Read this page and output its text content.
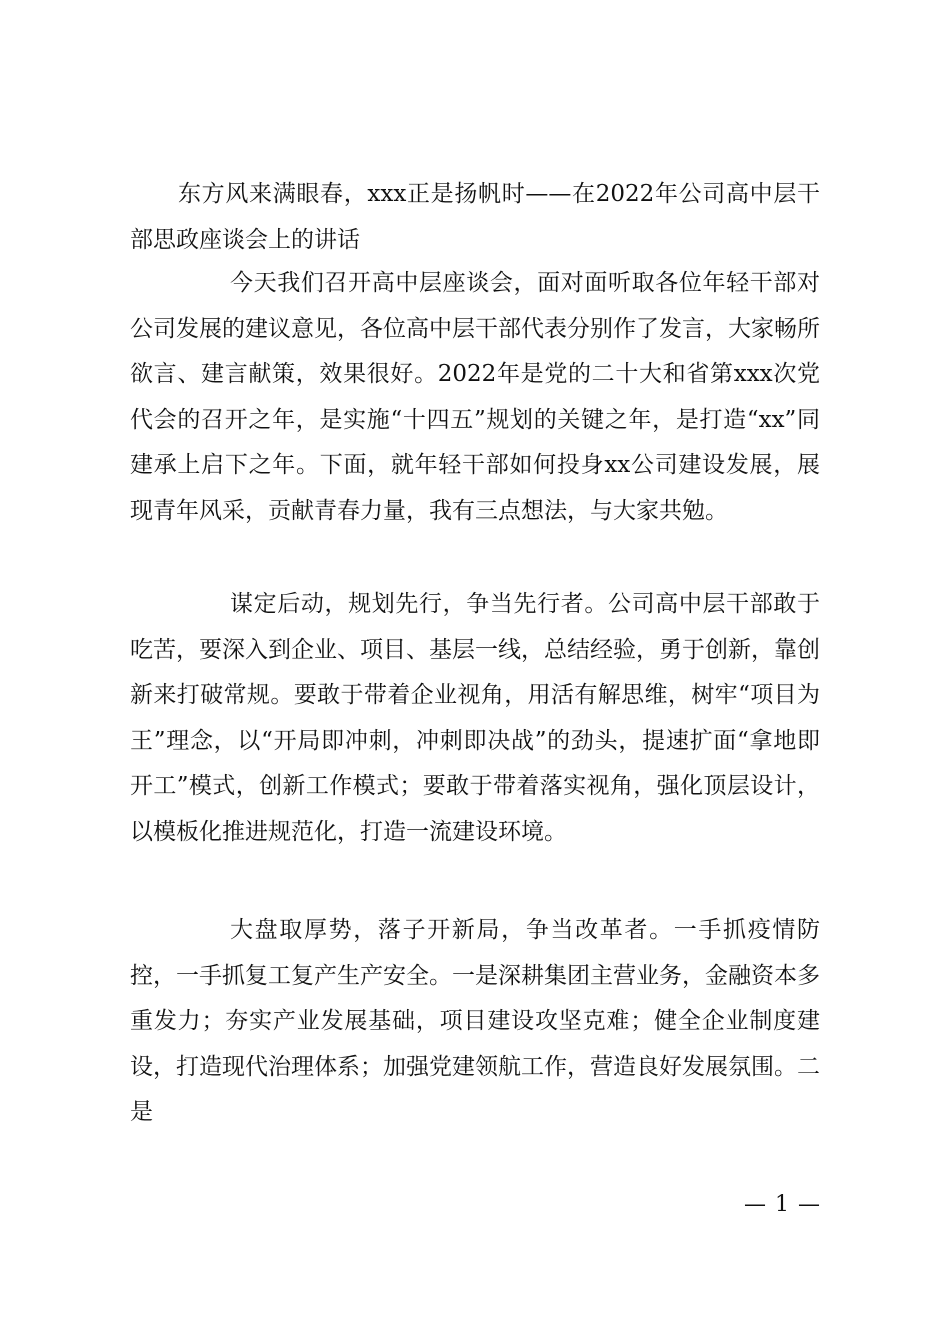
东方风来满眼春，xxx正是扬帆时——在2022年公司高中层干部思政座谈会上的讲话

今天我们召开高中层座谈会，面对面听取各位年轻干部对公司发展的建议意见，各位高中层干部代表分别作了发言，大家畅所欲言、建言献策，效果很好。2022年是党的二十大和省第xxx次党代会的召开之年，是实施“十四五”规划的关键之年，是打造“xx”同建承上启下之年。下面，就年轻干部如何投身xx公司建设发展，展现青年风采，贡献青春力量，我有三点想法，与大家共勉。

谋定后动，规划先行，争当先行者。公司高中层干部敢于吃苦，要深入到企业、项目、基层一线，总结经验，勇于创新，靠创新来打破常规。要敢于带着企业视角，用活有解思维，树牢“项目为王”理念，以“开局即冲刺，冲刺即决战”的劲头，提速扩面“拿地即开工”模式，创新工作模式；要敢于带着落实视角，强化顶层设计，以模板化推进规范化，打造一流建设环境。

大盘取厚势，落子开新局，争当改革者。一手抓疫情防控，一手抓复工复产生产安全。一是深耕集团主营业务，金融资本多重发力；夯实产业发展基础，项目建设攻坚克难；健全企业制度建设，打造现代治理体系；加强党建领航工作，营造良好发展氛围。二是

— 1 —
